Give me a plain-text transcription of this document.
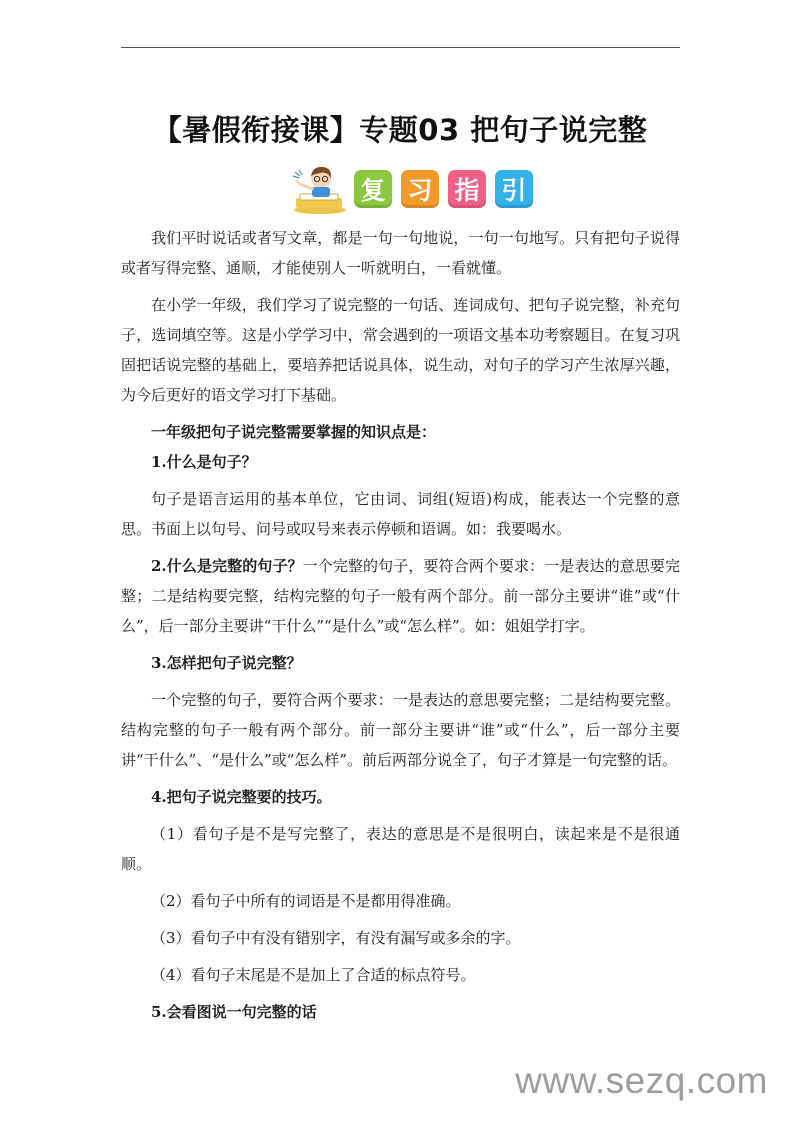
【暑假衔接课】专题03 把句子说完整
复 习 指 引

我们平时说话或者写文章，都是一句一句地说，一句一句地写。只有把句子说得或者写得完整、通顺，才能使别人一听就明白，一看就懂。

在小学一年级，我们学习了说完整的一句话、连词成句、把句子说完整，补充句子，选词填空等。这是小学学习中，常会遇到的一项语文基本功考察题目。在复习巩固把话说完整的基础上，要培养把话说具体，说生动，对句子的学习产生浓厚兴趣，为今后更好的语文学习打下基础。

一年级把句子说完整需要掌握的知识点是：

1.什么是句子？

句子是语言运用的基本单位，它由词、词组(短语)构成，能表达一个完整的意思。书面上以句号、问号或叹号来表示停顿和语调。如：我要喝水。

2.什么是完整的句子？一个完整的句子，要符合两个要求：一是表达的意思要完整；二是结构要完整，结构完整的句子一般有两个部分。前一部分主要讲“谁”或“什么”，后一部分主要讲“干什么”“是什么”或“怎么样”。如：姐姐学打字。

3.怎样把句子说完整？

一个完整的句子，要符合两个要求：一是表达的意思要完整；二是结构要完整。结构完整的句子一般有两个部分。前一部分主要讲“谁”或“什么”，后一部分主要讲“干什么”、“是什么”或“怎么样”。前后两部分说全了，句子才算是一句完整的话。

4.把句子说完整要的技巧。

（1）看句子是不是写完整了，表达的意思是不是很明白，读起来是不是很通顺。

（2）看句子中所有的词语是不是都用得准确。

（3）看句子中有没有错别字，有没有漏写或多余的字。

（4）看句子末尾是不是加上了合适的标点符号。

5.会看图说一句完整的话

www.sezq.com
